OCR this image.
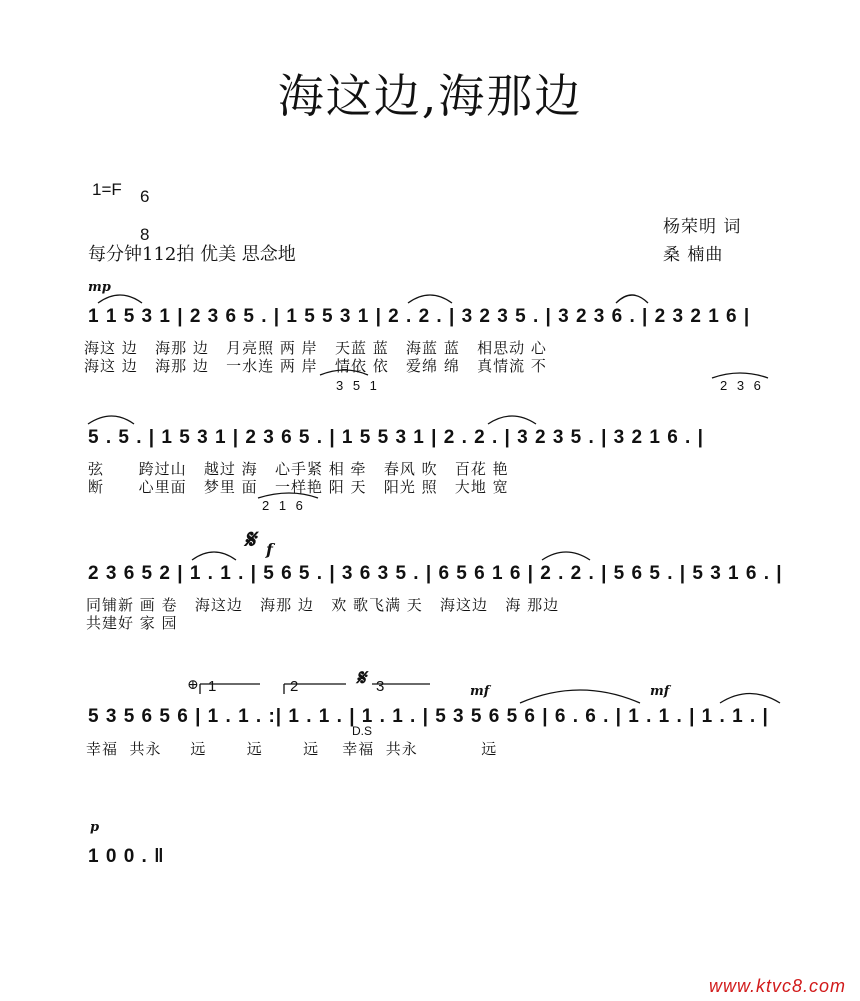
海这边,海那边
1=F	6

8	杨荣明 词
桑 楠曲
每分钟112拍 优美 思念地
mp
1 1 5 3 1 | 2 3 6 5 . | 1 5 5 3 1 | 2 . 2 . | 3 2 3 5 . | 3 2 3 6 . | 2 3 2 1 6 |
海这 边   海那 边   月亮照 两 岸   天蓝 蓝   海蓝 蓝   相思动 心
海这 边   海那 边   一水连 两 岸   情依 依   爱绵 绵   真情流 不
3 5 1	2 3 6
5 . 5 . | 1 5 3 1 | 2 3 6 5 . | 1 5 5 3 1 | 2 . 2 . | 3 2 3 5 . | 3 2 1 6 . |
弦      跨过山   越过 海   心手紧 相 牵   春风 吹   百花 艳
断      心里面   梦里 面   一样艳 阳 天   阳光 照   大地 宽
2 1 6
𝄋 f
2 3 6 5 2 | 1 . 1 . | 5 6 5 . | 3 6 3 5 . | 6 5 6 1 6 | 2 . 2 . | 5 6 5 . | 5 3 1 6 . |
同铺新 画 卷   海这边   海那 边   欢 歌飞满 天   海这边   海 那边
共建好 家 园
⊕ 1	2	𝄋 3	mf	mf
5 3 5 6 5 6 | 1 . 1 . :| 1 . 1 . | 1 . 1 . | 5 3 5 6 5 6 | 6 . 6 . | 1 . 1 . | 1 . 1 . |
D.S
幸福  共永     远       远       远    幸福  共永           远
p
1 0 0 . ‖
www.ktvc8.com
